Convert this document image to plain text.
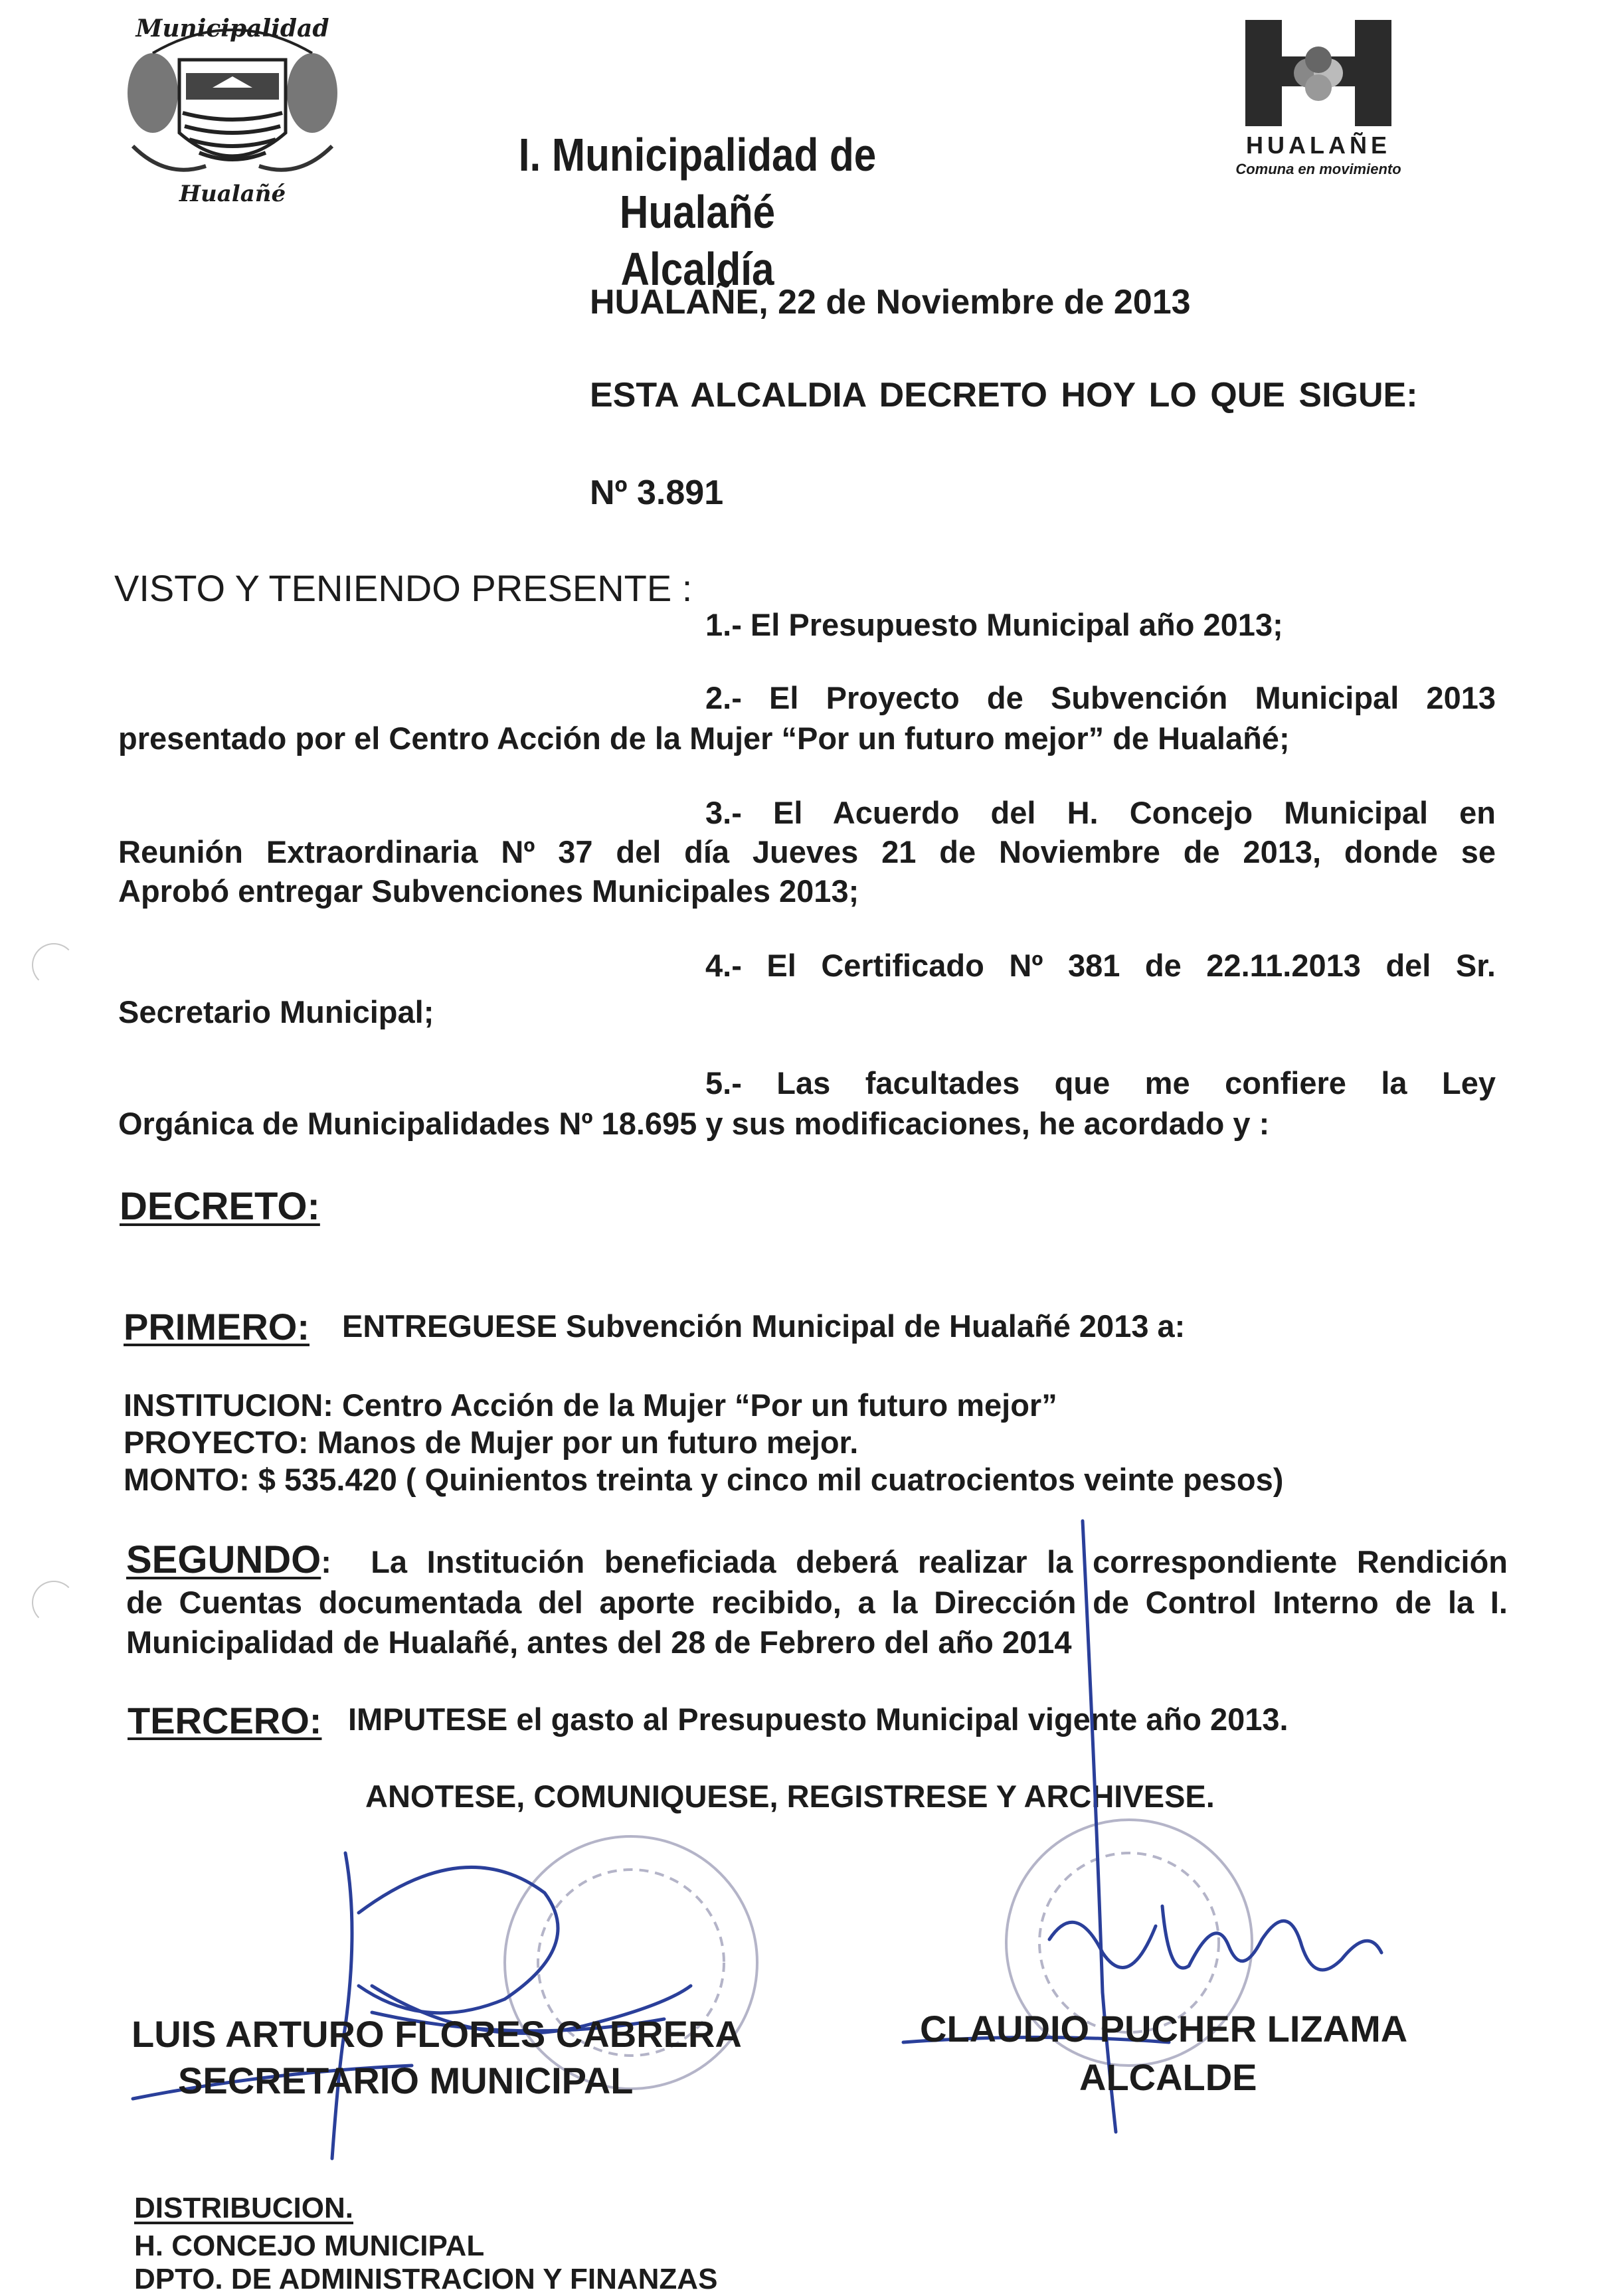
Municipalidad
Hualañé
I. Municipalidad de Hualañé
Alcaldía
HUALAÑE
Comuna en movimiento
HUALAÑE, 22 de Noviembre de 2013
ESTA ALCALDIA DECRETO HOY LO QUE SIGUE:
Nº 3.891
VISTO Y TENIENDO PRESENTE :
1.- El Presupuesto Municipal año 2013;
2.- El Proyecto de Subvención Municipal 2013
presentado por el Centro Acción de la Mujer “Por un futuro mejor” de Hualañé;
3.- El Acuerdo del H. Concejo Municipal en
Reunión Extraordinaria Nº 37 del día Jueves 21 de Noviembre de 2013, donde se
Aprobó entregar Subvenciones Municipales 2013;
4.- El Certificado Nº 381 de 22.11.2013 del Sr.
Secretario Municipal;
5.- Las facultades que me confiere la Ley
Orgánica de Municipalidades Nº 18.695 y sus modificaciones, he acordado y :
DECRETO:
PRIMERO: ENTREGUESE Subvención Municipal de Hualañé 2013 a:
INSTITUCION: Centro Acción de la Mujer “Por un futuro mejor”
PROYECTO: Manos de Mujer por un futuro mejor.
MONTO: $ 535.420 ( Quinientos treinta y cinco mil cuatrocientos veinte pesos)
SEGUNDO: La Institución beneficiada deberá realizar la correspondiente Rendición
de Cuentas documentada del aporte recibido, a la Dirección de Control Interno de la I.
Municipalidad de Hualañé, antes del 28 de Febrero del año 2014
TERCERO: IMPUTESE el gasto al Presupuesto Municipal vigente año 2013.
ANOTESE, COMUNIQUESE, REGISTRESE Y ARCHIVESE.
LUIS ARTURO FLORES CABRERA
SECRETARIO MUNICIPAL
CLAUDIO PUCHER LIZAMA
ALCALDE
DISTRIBUCION.
H. CONCEJO MUNICIPAL
DPTO. DE ADMINISTRACION Y FINANZAS
